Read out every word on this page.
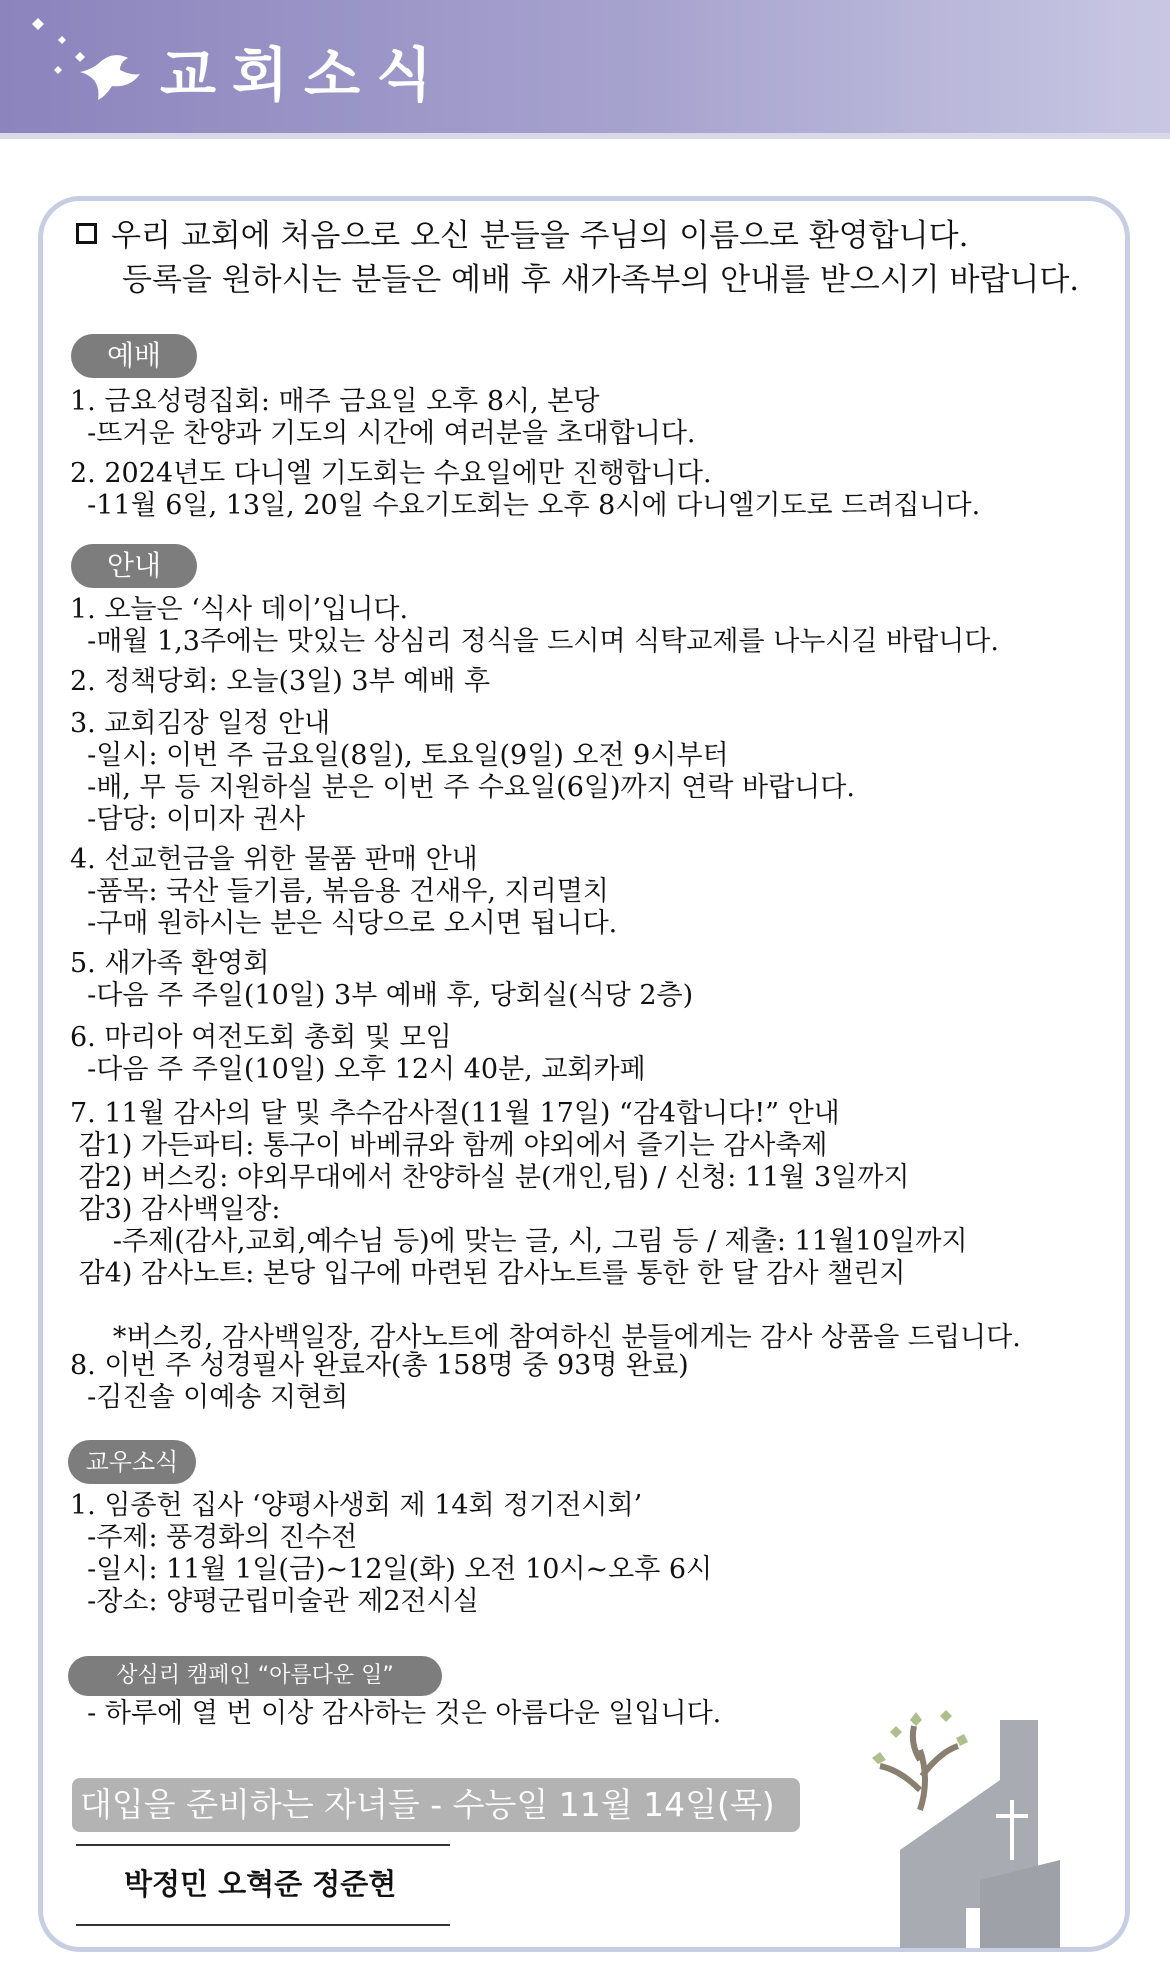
교회소식
우리 교회에 처음으로 오신 분들을 주님의 이름으로 환영합니다.
등록을 원하시는 분들은 예배 후 새가족부의 안내를 받으시기 바랍니다.
예배
1. 금요성령집회: 매주 금요일 오후 8시, 본당
-뜨거운 찬양과 기도의 시간에 여러분을 초대합니다.
2. 2024년도 다니엘 기도회는 수요일에만 진행합니다.
-11월 6일, 13일, 20일 수요기도회는 오후 8시에 다니엘기도로 드려집니다.
안내
1. 오늘은 ‘식사 데이’입니다.
-매월 1,3주에는 맛있는 상심리 정식을 드시며 식탁교제를 나누시길 바랍니다.
2. 정책당회: 오늘(3일) 3부 예배 후
3. 교회김장 일정 안내
-일시: 이번 주 금요일(8일), 토요일(9일) 오전 9시부터
-배, 무 등 지원하실 분은 이번 주 수요일(6일)까지 연락 바랍니다.
-담당: 이미자 권사
4. 선교헌금을 위한 물품 판매 안내
-품목: 국산 들기름, 볶음용 건새우, 지리멸치
-구매 원하시는 분은 식당으로 오시면 됩니다.
5. 새가족 환영회
-다음 주 주일(10일) 3부 예배 후, 당회실(식당 2층)
6. 마리아 여전도회 총회 및 모임
-다음 주 주일(10일) 오후 12시 40분, 교회카페
7. 11월 감사의 달 및 추수감사절(11월 17일) “감4합니다!” 안내
감1) 가든파티: 통구이 바베큐와 함께 야외에서 즐기는 감사축제
감2) 버스킹: 야외무대에서 찬양하실 분(개인,팀) / 신청: 11월 3일까지
감3) 감사백일장:
-주제(감사,교회,예수님 등)에 맞는 글, 시, 그림 등 / 제출: 11월10일까지
감4) 감사노트: 본당 입구에 마련된 감사노트를 통한 한 달 감사 챌린지

*버스킹, 감사백일장, 감사노트에 참여하신 분들에게는 감사 상품을 드립니다.
8. 이번 주 성경필사 완료자(총 158명 중 93명 완료)
-김진솔 이예송 지현희
교우소식
1. 임종헌 집사 ‘양평사생회 제 14회 정기전시회’
-주제: 풍경화의 진수전
-일시: 11월 1일(금)~12일(화) 오전 10시~오후 6시
-장소: 양평군립미술관 제2전시실
상심리 캠페인 “아름다운 일”
- 하루에 열 번 이상 감사하는 것은 아름다운 일입니다.
대입을 준비하는 자녀들 - 수능일 11월 14일(목)
박정민 오혁준 정준현
